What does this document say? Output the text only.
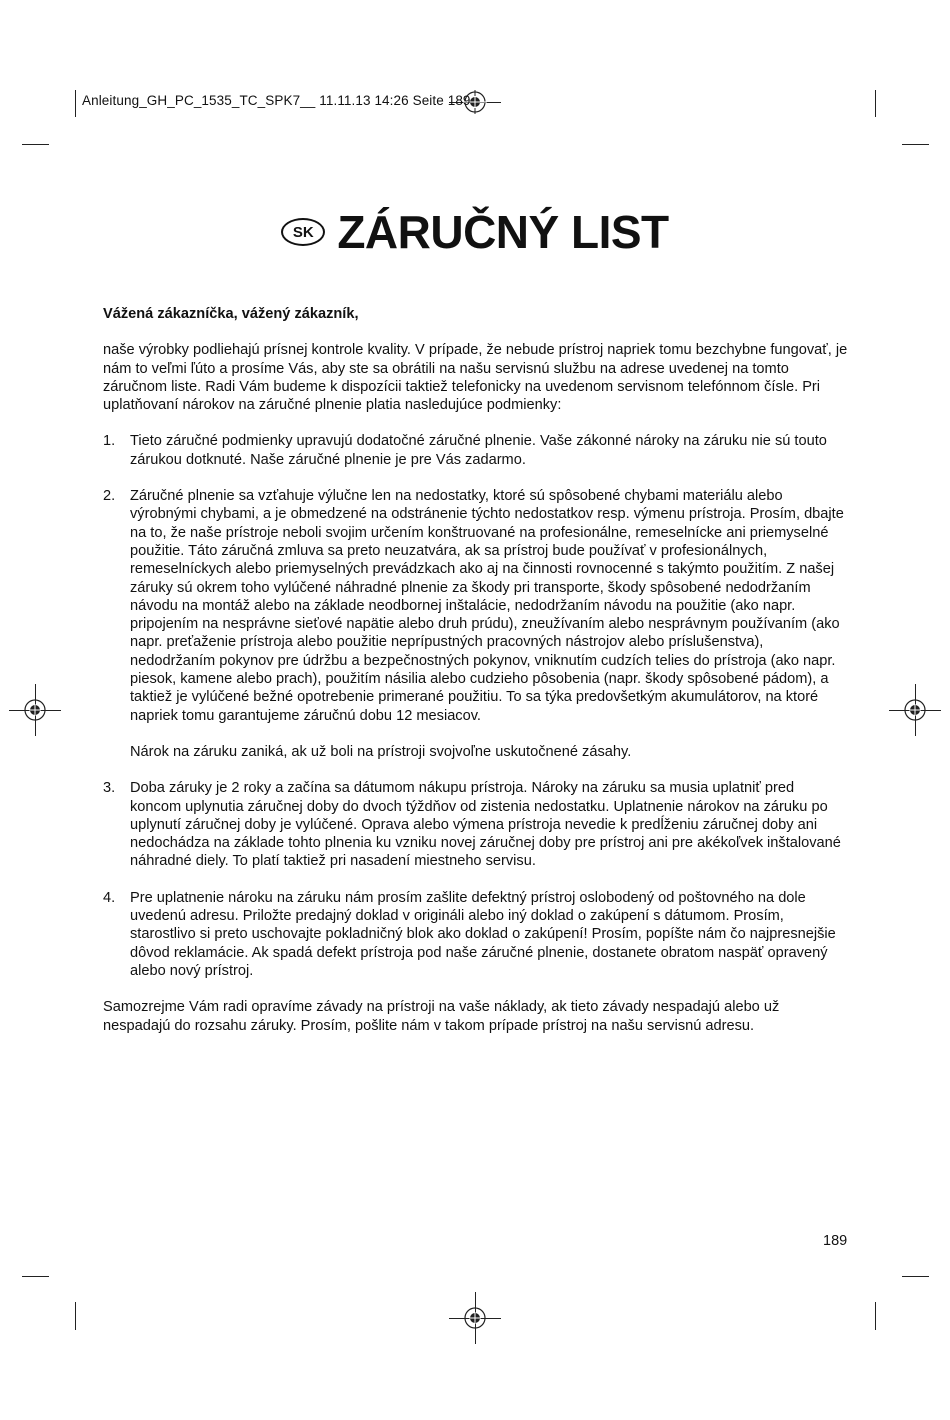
Anleitung_GH_PC_1535_TC_SPK7__ 11.11.13 14:26 Seite 189
SK ZÁRUČNÝ LIST

Vážená zákazníčka, vážený zákazník,

naše výrobky podliehajú prísnej kontrole kvality. V prípade, že nebude prístroj napriek tomu bezchybne fungovať, je nám to veľmi ľúto a prosíme Vás, aby ste sa obrátili na našu servisnú službu na adrese uvedenej na tomto záručnom liste. Radi Vám budeme k dispozícii taktiež telefonicky na uvedenom servisnom telefónnom čísle. Pri uplatňovaní nárokov na záručné plnenie platia nasledujúce podmienky:

1. Tieto záručné podmienky upravujú dodatočné záručné plnenie. Vaše zákonné nároky na záruku nie sú touto zárukou dotknuté. Naše záručné plnenie je pre Vás zadarmo.
2. Záručné plnenie sa vzťahuje výlučne len na nedostatky, ktoré sú spôsobené chybami materiálu alebo výrobnými chybami, a je obmedzené na odstránenie týchto nedostatkov resp. výmenu prístroja. Prosím, dbajte na to, že naše prístroje neboli svojim určením konštruované na profesionálne, remeselnícke ani priemyselné použitie. Táto záručná zmluva sa preto neuzatvára, ak sa prístroj bude používať v profesionálnych, remeselníckych alebo priemyselných prevádzkach ako aj na činnosti rovnocenné s takýmto použitím. Z našej záruky sú okrem toho vylúčené náhradné plnenie za škody pri transporte, škody spôsobené nedodržaním návodu na montáž alebo na základe neodbornej inštalácie, nedodržaním návodu na použitie (ako napr. pripojením na nesprávne sieťové napätie alebo druh prúdu), zneužívaním alebo nesprávnym používaním (ako napr. preťaženie prístroja alebo použitie neprípustných pracovných nástrojov alebo príslušenstva), nedodržaním pokynov pre údržbu a bezpečnostných pokynov, vniknutím cudzích telies do prístroja (ako napr. piesok, kamene alebo prach), použitím násilia alebo cudzieho pôsobenia (napr. škody spôsobené pádom), a taktiež je vylúčené bežné opotrebenie primerané použitiu. To sa týka predovšetkým akumulátorov, na ktoré napriek tomu garantujeme záručnú dobu 12 mesiacov.
Nárok na záruku zaniká, ak už boli na prístroji svojvoľne uskutočnené zásahy.
3. Doba záruky je 2 roky a začína sa dátumom nákupu prístroja. Nároky na záruku sa musia uplatniť pred koncom uplynutia záručnej doby do dvoch týždňov od zistenia nedostatku. Uplatnenie nárokov na záruku po uplynutí záručnej doby je vylúčené. Oprava alebo výmena prístroja nevedie k predĺženiu záručnej doby ani nedochádza na základe tohto plnenia ku vzniku novej záručnej doby pre prístroj ani pre akékoľvek inštalované náhradné diely. To platí taktiež pri nasadení miestneho servisu.
4. Pre uplatnenie nároku na záruku nám prosím zašlite defektný prístroj oslobodený od poštovného na dole uvedenú adresu. Priložte predajný doklad v origináli alebo iný doklad o zakúpení s dátumom. Prosím, starostlivo si preto uschovajte pokladničný blok ako doklad o zakúpení! Prosím, popíšte nám čo najpresnejšie dôvod reklamácie. Ak spadá defekt prístroja pod naše záručné plnenie, dostanete obratom naspäť opravený alebo nový prístroj.

Samozrejme Vám radi opravíme závady na prístroji na vaše náklady, ak tieto závady nespadajú alebo už nespadajú do rozsahu záruky. Prosím, pošlite nám v takom prípade prístroj na našu servisnú adresu.

189
